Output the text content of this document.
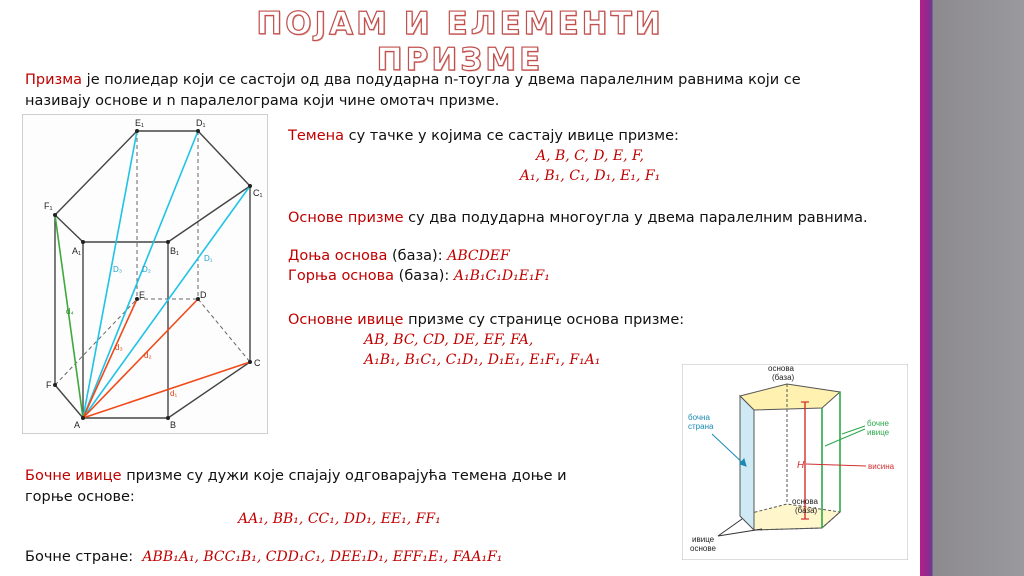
ПОЈАМ И ЕЛЕМЕНТИ ПРИЗМЕ
Призма је полиедар који се састоји од два подударна n-тоугла у двема паралелним равнима који се
називају основе и n паралелограма који чине омотач призме.
A	B
C
D
E
F
A₁	B₁
C₁
D₁
E₁
F₁
D₃ D₂
D₁
d₃
d₂
d₁
d₄
Темена су тачке у којима се састају ивице призме:
A, B, C, D, E, F,
A₁, B₁, C₁, D₁, E₁, F₁
Основе призме су два подударна многоугла у двема паралелним равнима.
Доња основа (база): ABCDEF
Горња основа (база): A₁B₁C₁D₁E₁F₁
Основне ивице призме су странице основа призме:
AB, BC, CD, DE, EF, FA,
A₁B₁, B₁C₁, C₁D₁, D₁E₁, E₁F₁, F₁A₁
основа
(база)
основа
(база)
ивице
основе
бочна
страна	бочне
ивице
висина
H
Бочне ивице призме су дужи које спајају одговарајућа темена доње и
горње основе:
AA₁, BB₁, CC₁, DD₁, EE₁, FF₁
Бочне стране: ABB₁A₁, BCC₁B₁, CDD₁C₁, DEE₁D₁, EFF₁E₁, FAA₁F₁
